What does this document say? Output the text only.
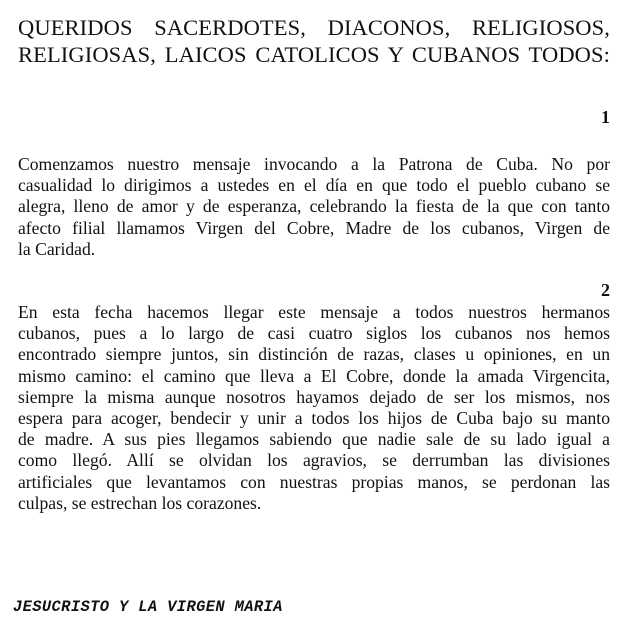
QUERIDOS SACERDOTES, DIACONOS, RELIGIOSOS,
RELIGIOSAS, LAICOS CATOLICOS Y CUBANOS TODOS:
1

Comenzamos nuestro mensaje invocando a la Patrona de Cuba. No por
casualidad lo dirigimos a ustedes en el día en que todo el pueblo cubano se
alegra, lleno de amor y de esperanza, celebrando la fiesta de la que con tanto
afecto filial llamamos Virgen del Cobre, Madre de los cubanos, Virgen de
la Caridad.

2

En esta fecha hacemos llegar este mensaje a todos nuestros hermanos
cubanos, pues a lo largo de casi cuatro siglos los cubanos nos hemos
encontrado siempre juntos, sin distinción de razas, clases u opiniones, en un
mismo camino: el camino que lleva a El Cobre, donde la amada Virgencita,
siempre la misma aunque nosotros hayamos dejado de ser los mismos, nos
espera para acoger, bendecir y unir a todos los hijos de Cuba bajo su manto
de madre. A sus pies llegamos sabiendo que nadie sale de su lado igual a
como llegó. Allí se olvidan los agravios, se derrumban las divisiones
artificiales que levantamos con nuestras propias manos, se perdonan las
culpas, se estrechan los corazones.

JESUCRISTO Y LA VIRGEN MARIA
